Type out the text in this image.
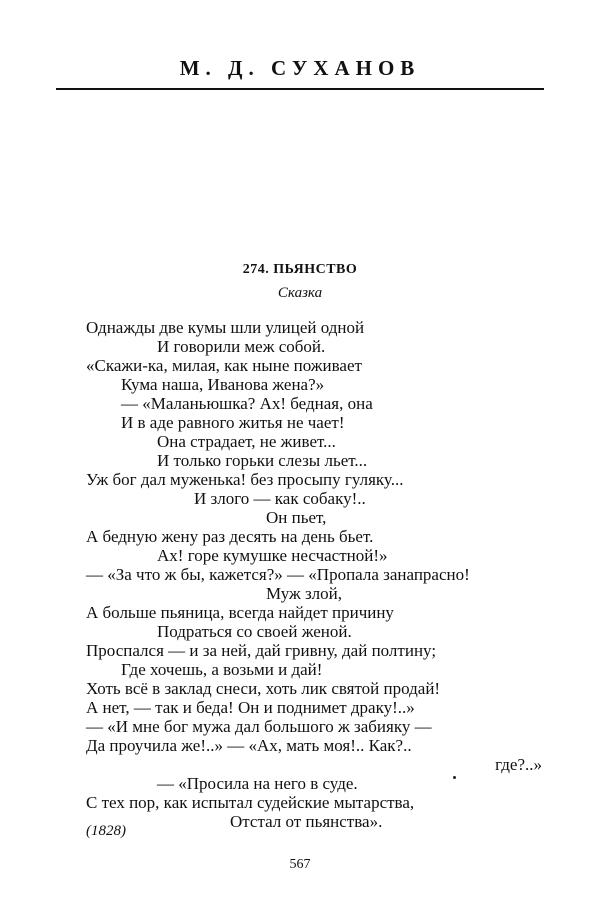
М. Д. СУХАНОВ
274. ПЬЯНСТВО
Сказка
Однажды две кумы шли улицей одной
И говорили меж собой.
«Скажи-ка, милая, как ныне поживает
Кума наша, Иванова жена?»
— «Маланьюшка? Ах! бедная, она
И в аде равного житья не чает!
Она страдает, не живет...
И только горьки слезы льет...
Уж бог дал муженька! без просыпу гуляку...
И злого — как собаку!..
Он пьет,
А бедную жену раз десять на день бьет.
Ах! горе кумушке несчастной!»
— «За что ж бы, кажется?» — «Пропала занапрасно!
Муж злой,
А больше пьяница, всегда найдет причину
Подраться со своей женой.
Проспался — и за ней, дай гривну, дай полтину;
Где хочешь, а возьми и дай!
Хоть всё в заклад снеси, хоть лик святой продай!
А нет, — так и беда! Он и поднимет драку!..»
— «И мне бог мужа дал большого ж забияку —
Да проучила же!..» — «Ах, мать моя!.. Как?..
где?..»
— «Просила на него в суде.
С тех пор, как испытал судейские мытарства,
Отстал от пьянства».
(1828)
567
